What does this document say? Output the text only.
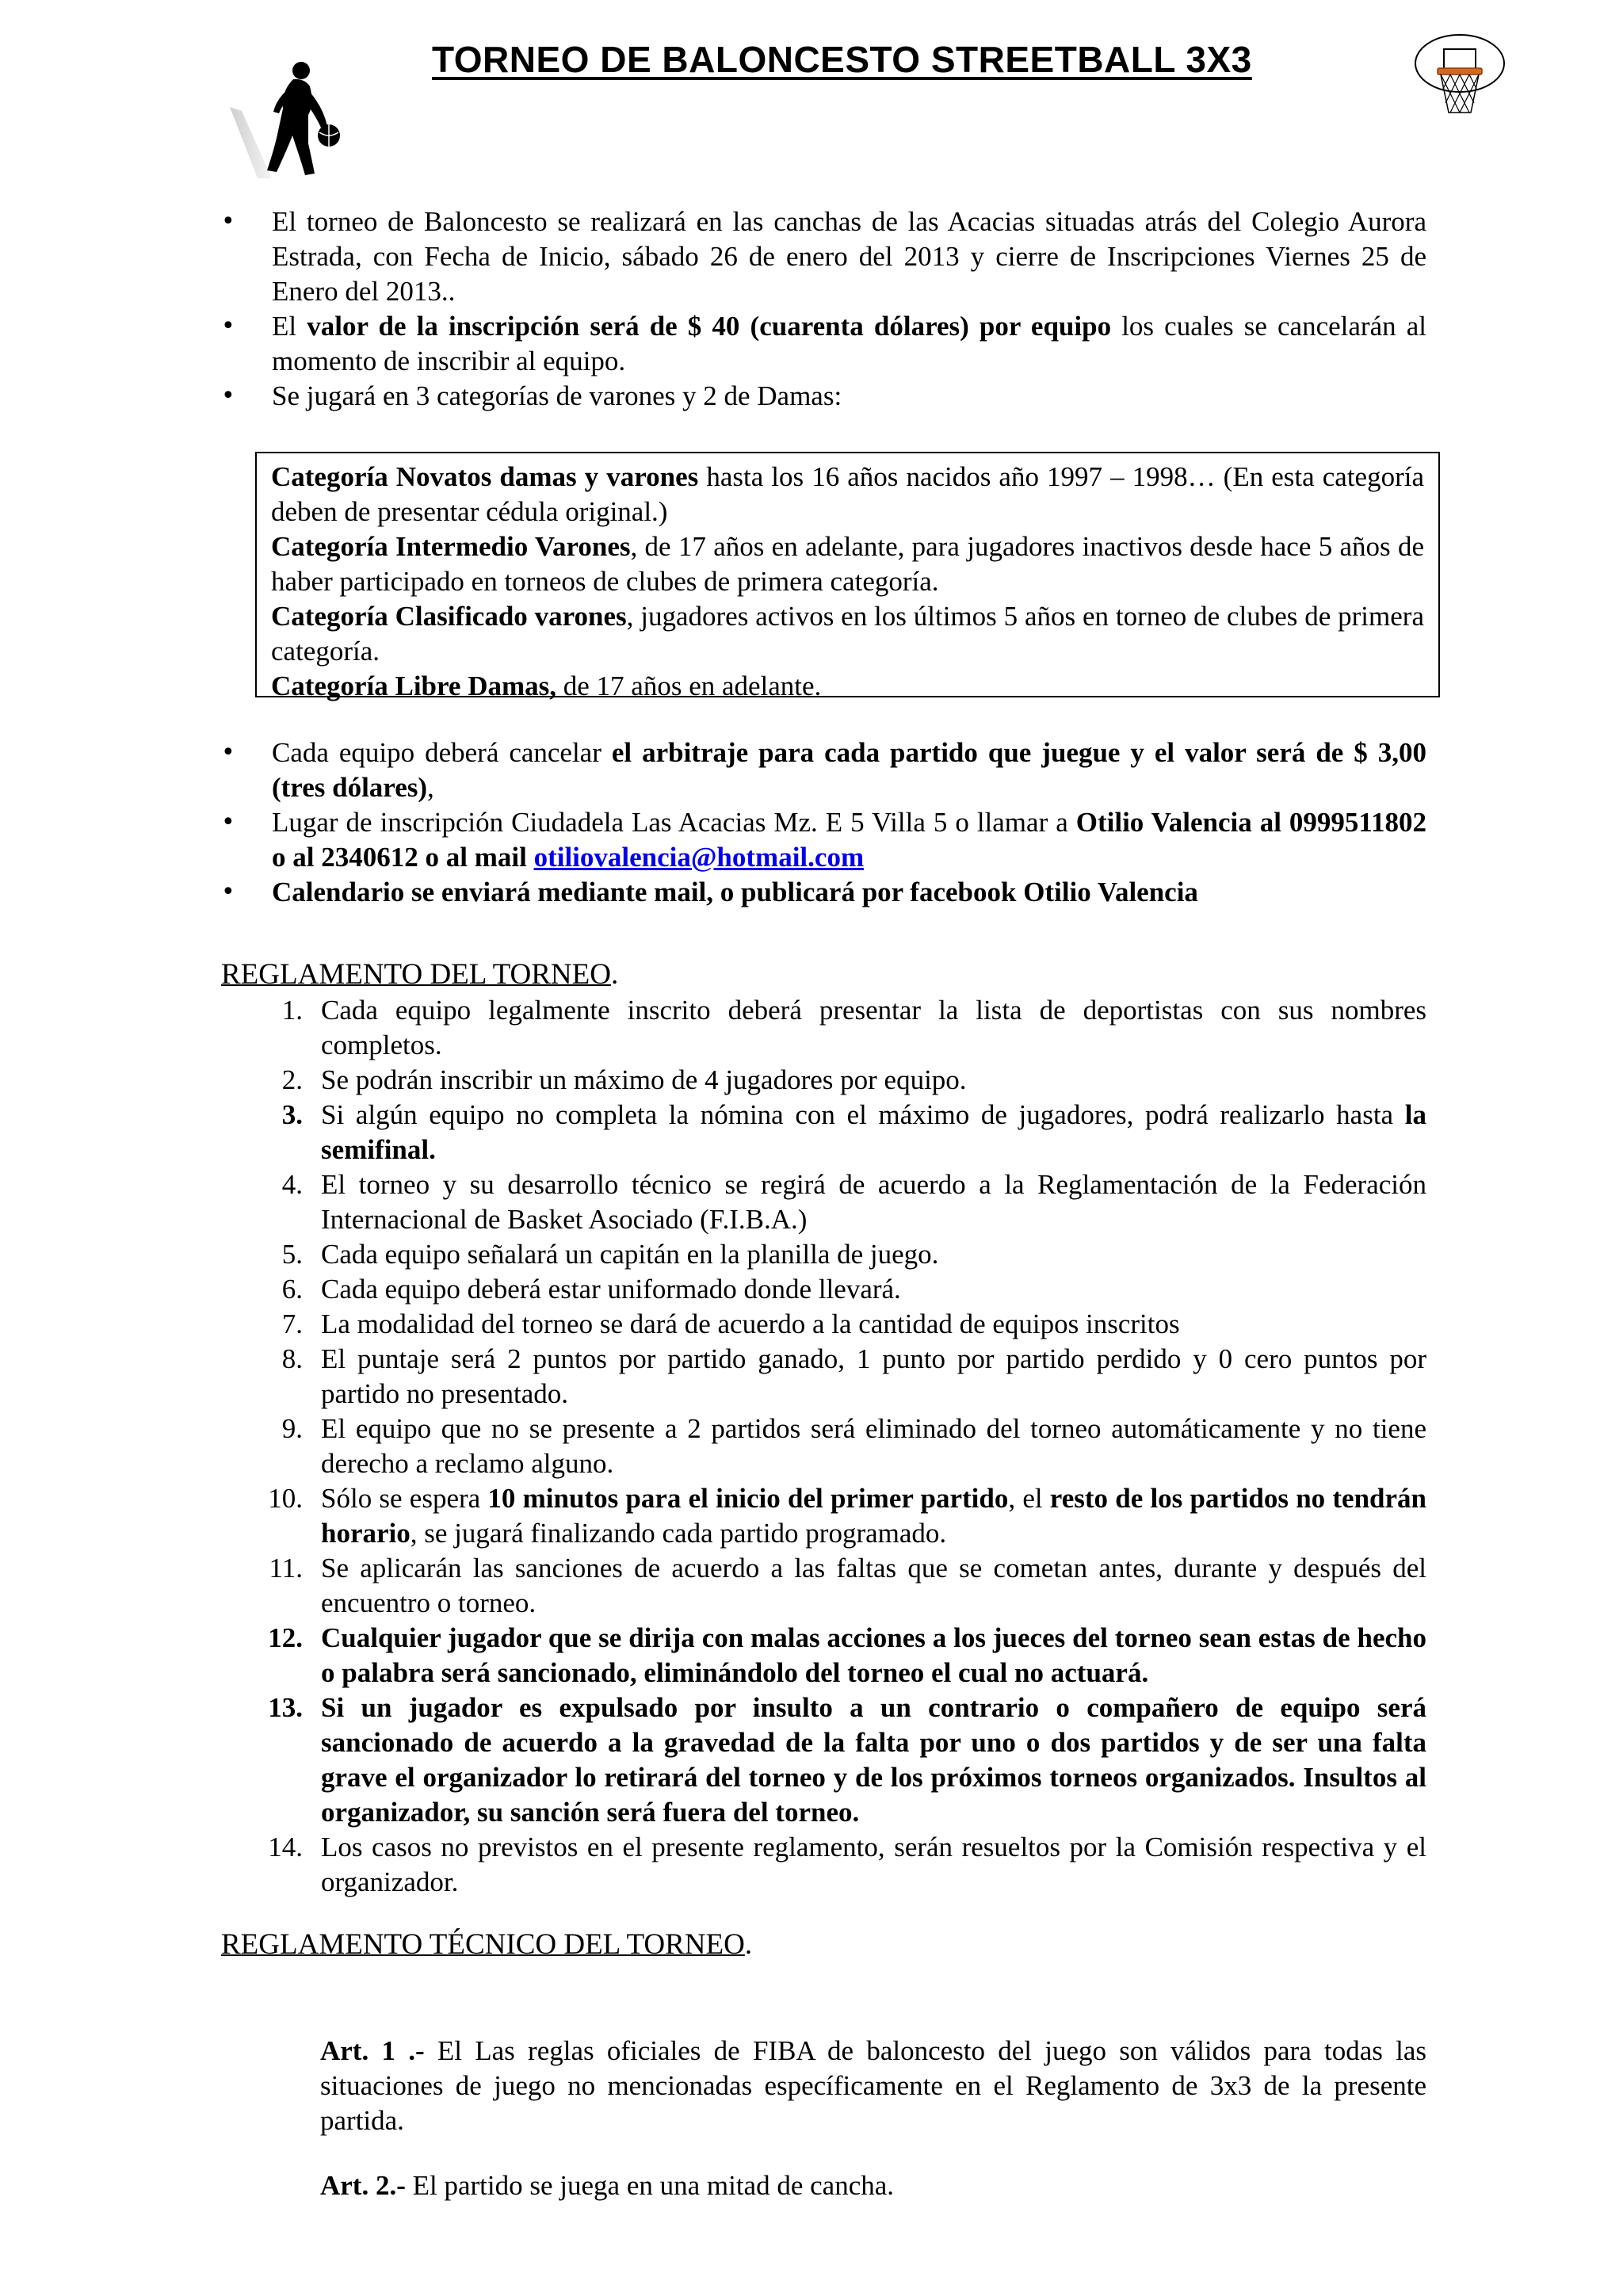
TORNEO DE BALONCESTO STREETBALL 3X3

• El torneo de Baloncesto se realizará en las canchas de las Acacias situadas atrás del Colegio Aurora Estrada, con Fecha de Inicio, sábado 26 de enero del 2013 y cierre de Inscripciones Viernes 25 de Enero del 2013..

• El valor de la inscripción será de $ 40 (cuarenta dólares) por equipo los cuales se cancelarán al momento de inscribir al equipo.

• Se jugará en 3 categorías de varones y 2 de Damas:

Categoría Novatos damas y varones hasta los 16 años nacidos año 1997 – 1998… (En esta categoría deben de presentar cédula original.)

Categoría Intermedio Varones, de 17 años en adelante, para jugadores inactivos desde hace 5 años de haber participado en torneos de clubes de primera categoría.

Categoría Clasificado varones, jugadores activos en los últimos 5 años en torneo de clubes de primera categoría.

Categoría Libre Damas, de 17 años en adelante.

• Cada equipo deberá cancelar el arbitraje para cada partido que juegue y el valor será de $ 3,00 (tres dólares),

• Lugar de inscripción Ciudadela Las Acacias Mz. E 5 Villa 5 o llamar a Otilio Valencia al 0999511802 o al 2340612 o al mail otiliovalencia@hotmail.com

• Calendario se enviará mediante mail, o publicará por facebook Otilio Valencia

REGLAMENTO DEL TORNEO.
1. Cada equipo legalmente inscrito deberá presentar la lista de deportistas con sus nombres completos.
2. Se podrán inscribir un máximo de 4 jugadores por equipo.
3. Si algún equipo no completa la nómina con el máximo de jugadores, podrá realizarlo hasta la semifinal.
4. El torneo y su desarrollo técnico se regirá de acuerdo a la Reglamentación de la Federación Internacional de Basket Asociado (F.I.B.A.)
5. Cada equipo señalará un capitán en la planilla de juego.
6. Cada equipo deberá estar uniformado donde llevará.
7. La modalidad del torneo se dará de acuerdo a la cantidad de equipos inscritos
8. El puntaje será 2 puntos por partido ganado, 1 punto por partido perdido y 0 cero puntos por partido no presentado.
9. El equipo que no se presente a 2 partidos será eliminado del torneo automáticamente y no tiene derecho a reclamo alguno.
10. Sólo se espera 10 minutos para el inicio del primer partido, el resto de los partidos no tendrán horario, se jugará finalizando cada partido programado.
11. Se aplicarán las sanciones de acuerdo a las faltas que se cometan antes, durante y después del encuentro o torneo.
12. Cualquier jugador que se dirija con malas acciones a los jueces del torneo sean estas de hecho o palabra será sancionado, eliminándolo del torneo el cual no actuará.
13. Si un jugador es expulsado por insulto a un contrario o compañero de equipo será sancionado de acuerdo a la gravedad de la falta por uno o dos partidos y de ser una falta grave el organizador lo retirará del torneo y de los próximos torneos organizados. Insultos al organizador, su sanción será fuera del torneo.
14. Los casos no previstos en el presente reglamento, serán resueltos por la Comisión respectiva y el organizador.
REGLAMENTO TÉCNICO DEL TORNEO.

Art. 1 .- El Las reglas oficiales de FIBA de baloncesto del juego son válidos para todas las situaciones de juego no mencionadas específicamente en el Reglamento de 3x3 de la presente partida.

Art. 2.- El partido se juega en una mitad de cancha.
